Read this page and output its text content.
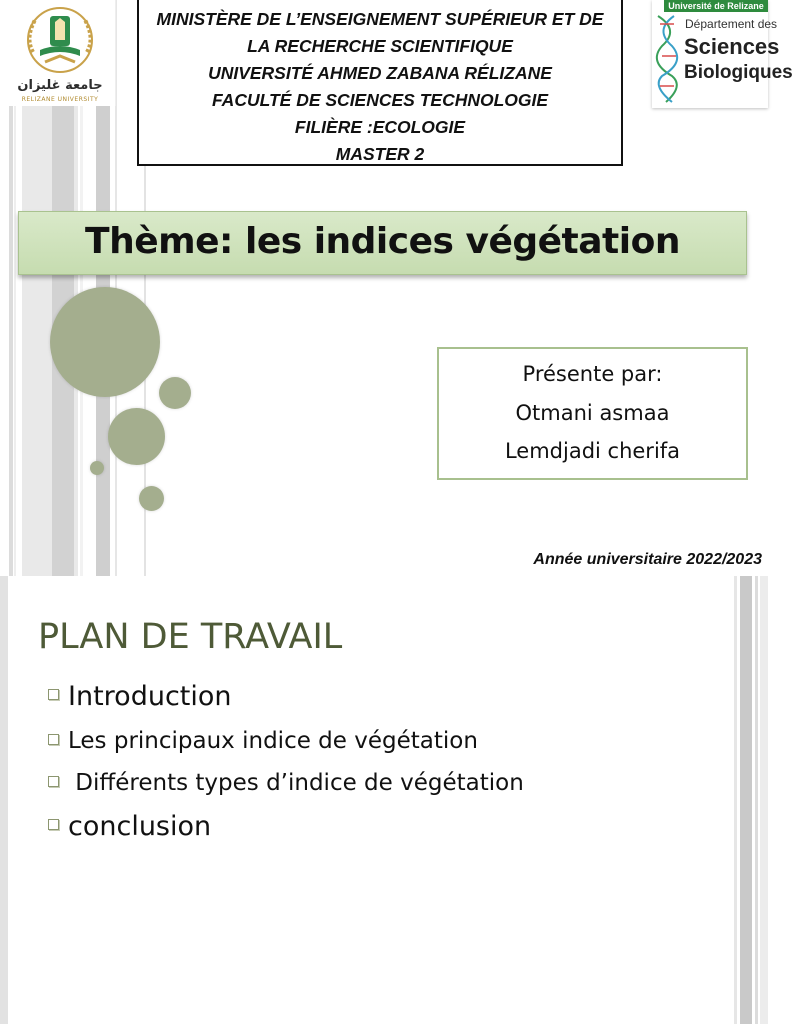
جامعة غليزان
RELIZANE UNIVERSITY
MINISTÈRE DE L’ENSEIGNEMENT SUPÉRIEUR ET DE
LA RECHERCHE SCIENTIFIQUE
UNIVERSITÉ AHMED ZABANA RÉLIZANE
FACULTÉ DE SCIENCES TECHNOLOGIE
FILIÈRE :ECOLOGIE
MASTER 2
Université de Relizane
Département des
Sciences
Biologiques
Thème: les indices végétation
Présente par:
Otmani asmaa
Lemdjadi cherifa
Année universitaire 2022/2023
PLAN DE TRAVAIL
Introduction
Les principaux indice de végétation
Différents types d’indice de végétation
conclusion
